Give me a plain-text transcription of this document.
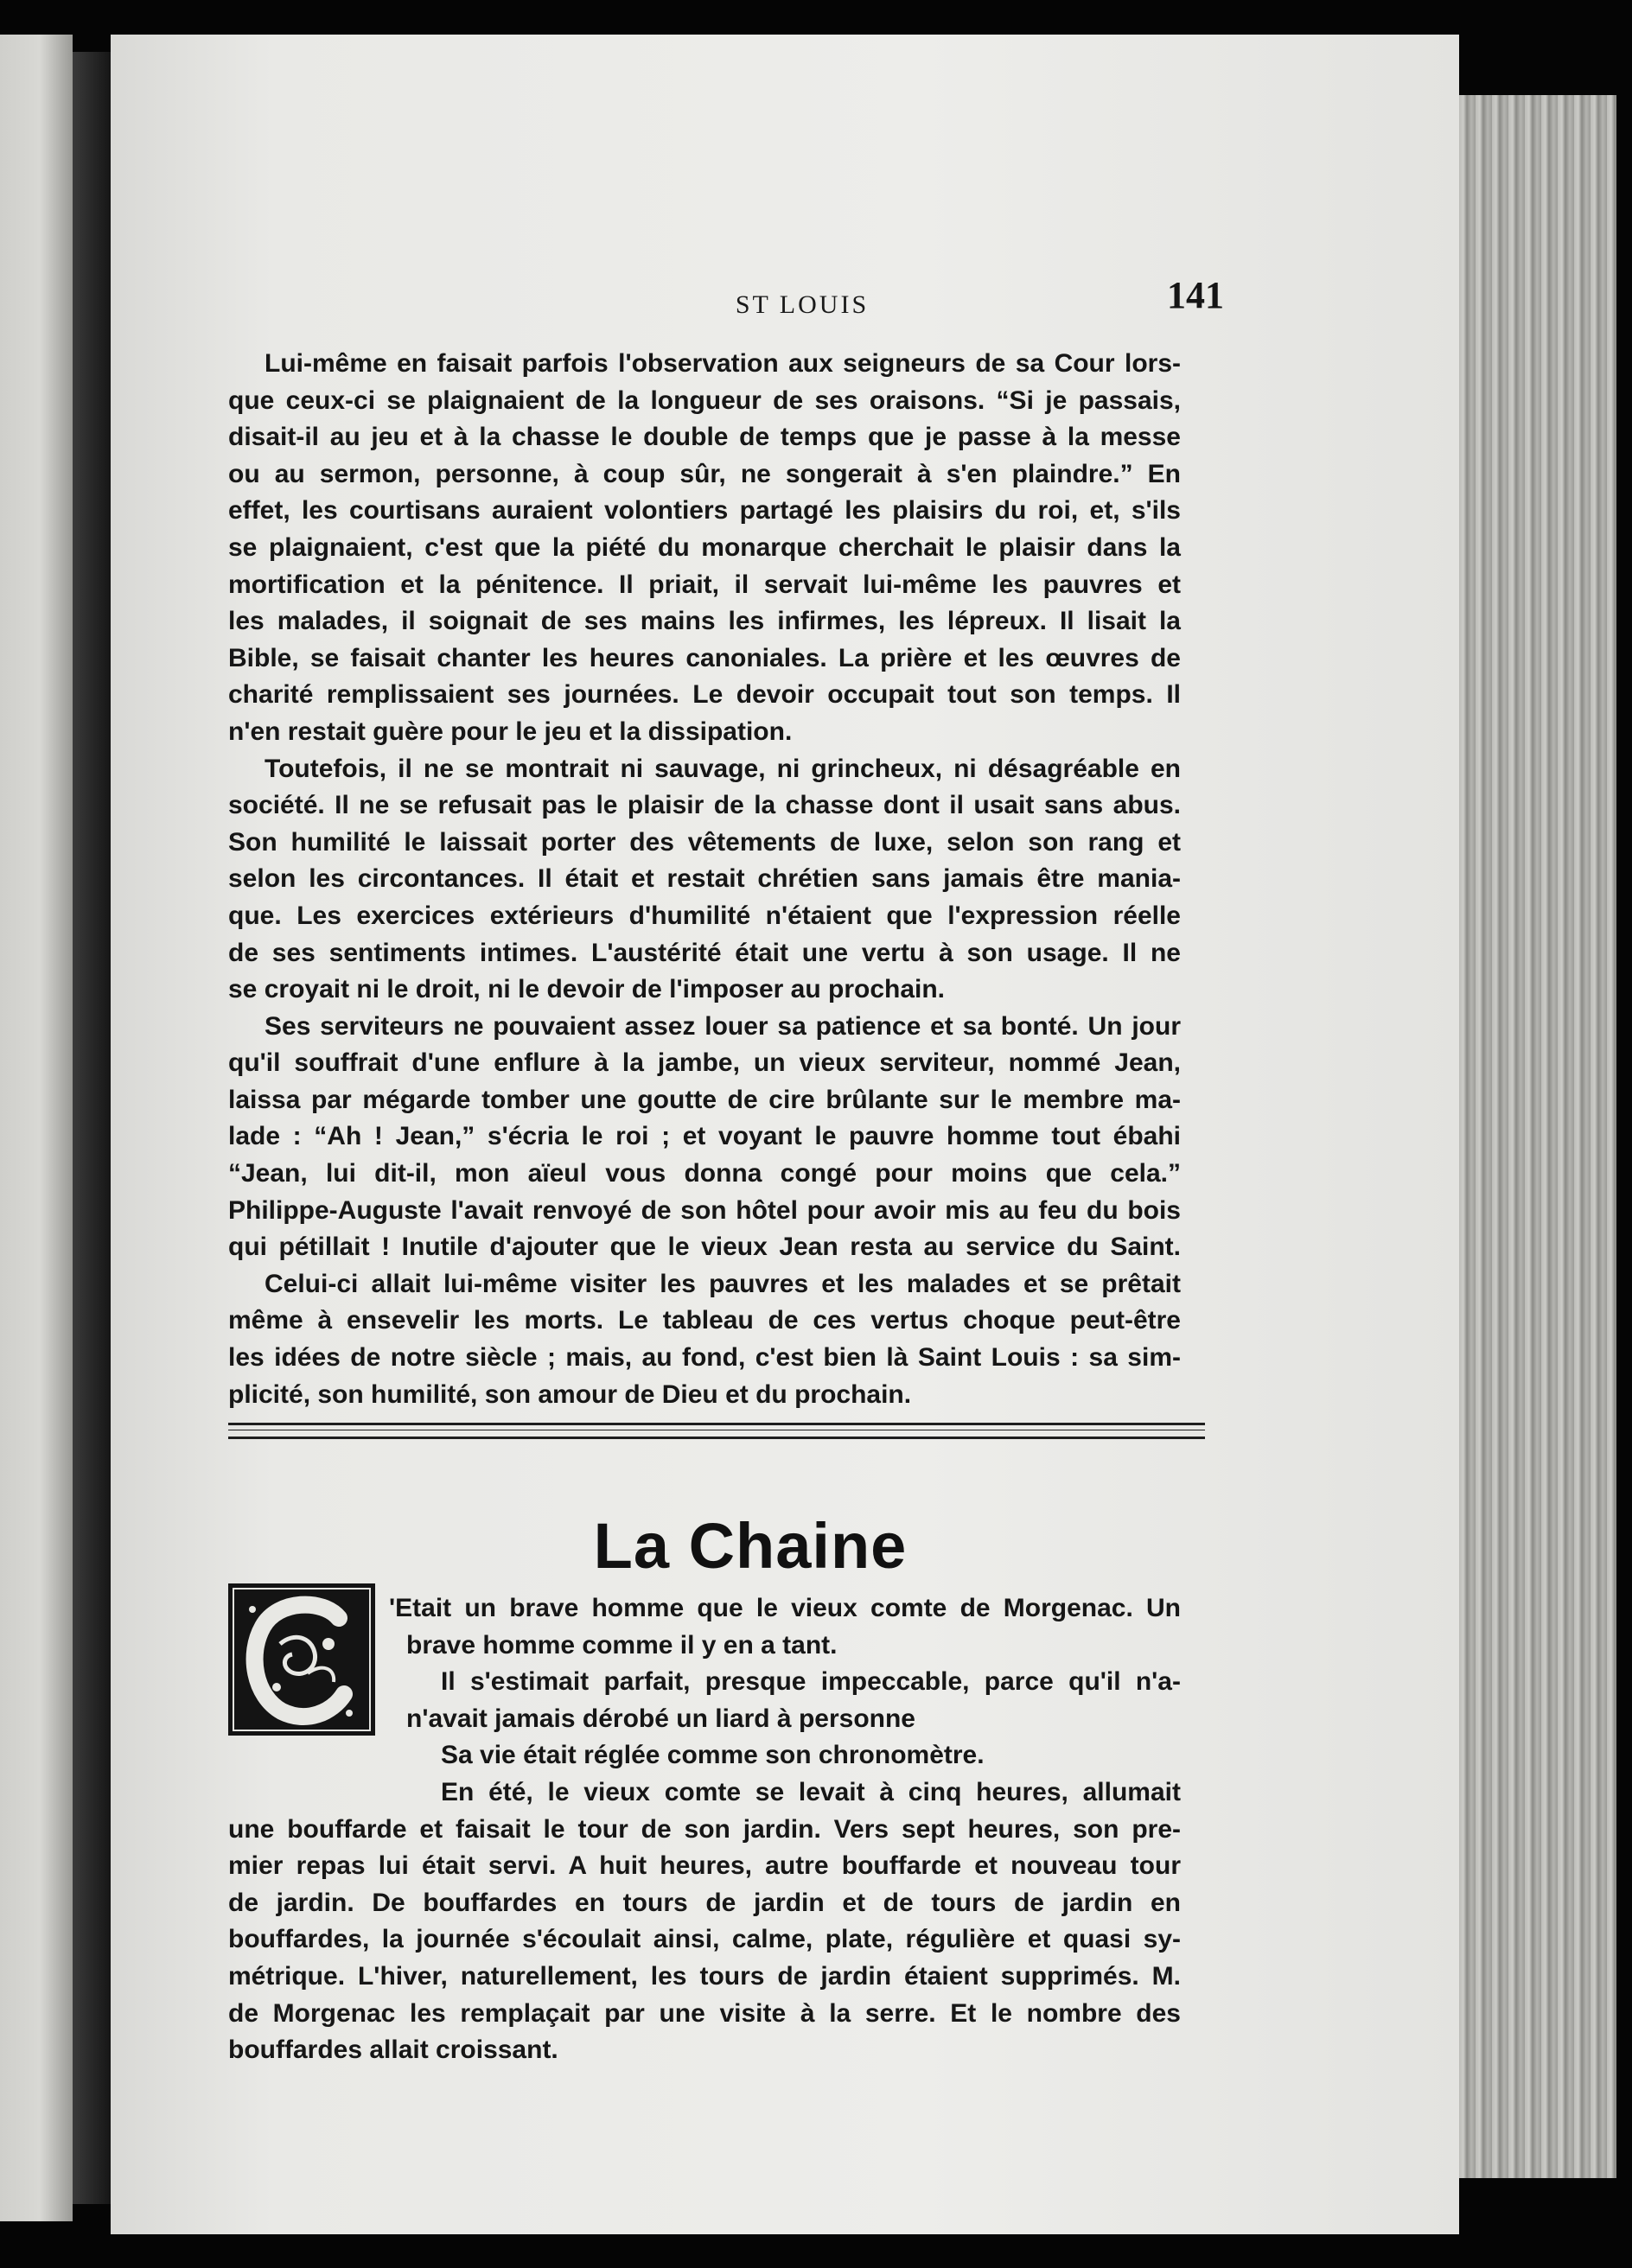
ST LOUIS	141

Lui-même en faisait parfois l'observation aux seigneurs de sa Cour lors-
que ceux-ci se plaignaient de la longueur de ses oraisons. “Si je passais,
disait-il au jeu et à la chasse le double de temps que je passe à la messe
ou au sermon, personne, à coup sûr, ne songerait à s'en plaindre.” En
effet, les courtisans auraient volontiers partagé les plaisirs du roi, et, s'ils
se plaignaient, c'est que la piété du monarque cherchait le plaisir dans la
mortification et la pénitence. Il priait, il servait lui-même les pauvres et
les malades, il soignait de ses mains les infirmes, les lépreux. Il lisait la
Bible, se faisait chanter les heures canoniales. La prière et les œuvres de
charité remplissaient ses journées. Le devoir occupait tout son temps. Il
n'en restait guère pour le jeu et la dissipation.

Toutefois, il ne se montrait ni sauvage, ni grincheux, ni désagréable en
société. Il ne se refusait pas le plaisir de la chasse dont il usait sans abus.
Son humilité le laissait porter des vêtements de luxe, selon son rang et
selon les circontances. Il était et restait chrétien sans jamais être mania-
que. Les exercices extérieurs d'humilité n'étaient que l'expression réelle
de ses sentiments intimes. L'austérité était une vertu à son usage. Il ne
se croyait ni le droit, ni le devoir de l'imposer au prochain.

Ses serviteurs ne pouvaient assez louer sa patience et sa bonté. Un jour
qu'il souffrait d'une enflure à la jambe, un vieux serviteur, nommé Jean,
laissa par mégarde tomber une goutte de cire brûlante sur le membre ma-
lade : “Ah ! Jean,” s'écria le roi ; et voyant le pauvre homme tout ébahi
“Jean, lui dit-il, mon aïeul vous donna congé pour moins que cela.”
Philippe-Auguste l'avait renvoyé de son hôtel pour avoir mis au feu du bois
qui pétillait ! Inutile d'ajouter que le vieux Jean resta au service du Saint.

Celui-ci allait lui-même visiter les pauvres et les malades et se prêtait
même à ensevelir les morts. Le tableau de ces vertus choque peut-être
les idées de notre siècle ; mais, au fond, c'est bien là Saint Louis : sa sim-
plicité, son humilité, son amour de Dieu et du prochain.

La Chaine

'Etait un brave homme que le vieux comte de Morgenac. Un
brave homme comme il y en a tant.

Il s'estimait parfait, presque impeccable, parce qu'il n'a-
n'avait jamais dérobé un liard à personne

Sa vie était réglée comme son chronomètre.

En été, le vieux comte se levait à cinq heures, allumait
une bouffarde et faisait le tour de son jardin. Vers sept heures, son pre-
mier repas lui était servi. A huit heures, autre bouffarde et nouveau tour
de jardin. De bouffardes en tours de jardin et de tours de jardin en
bouffardes, la journée s'écoulait ainsi, calme, plate, régulière et quasi sy-
métrique. L'hiver, naturellement, les tours de jardin étaient supprimés. M.
de Morgenac les remplaçait par une visite à la serre. Et le nombre des
bouffardes allait croissant.
